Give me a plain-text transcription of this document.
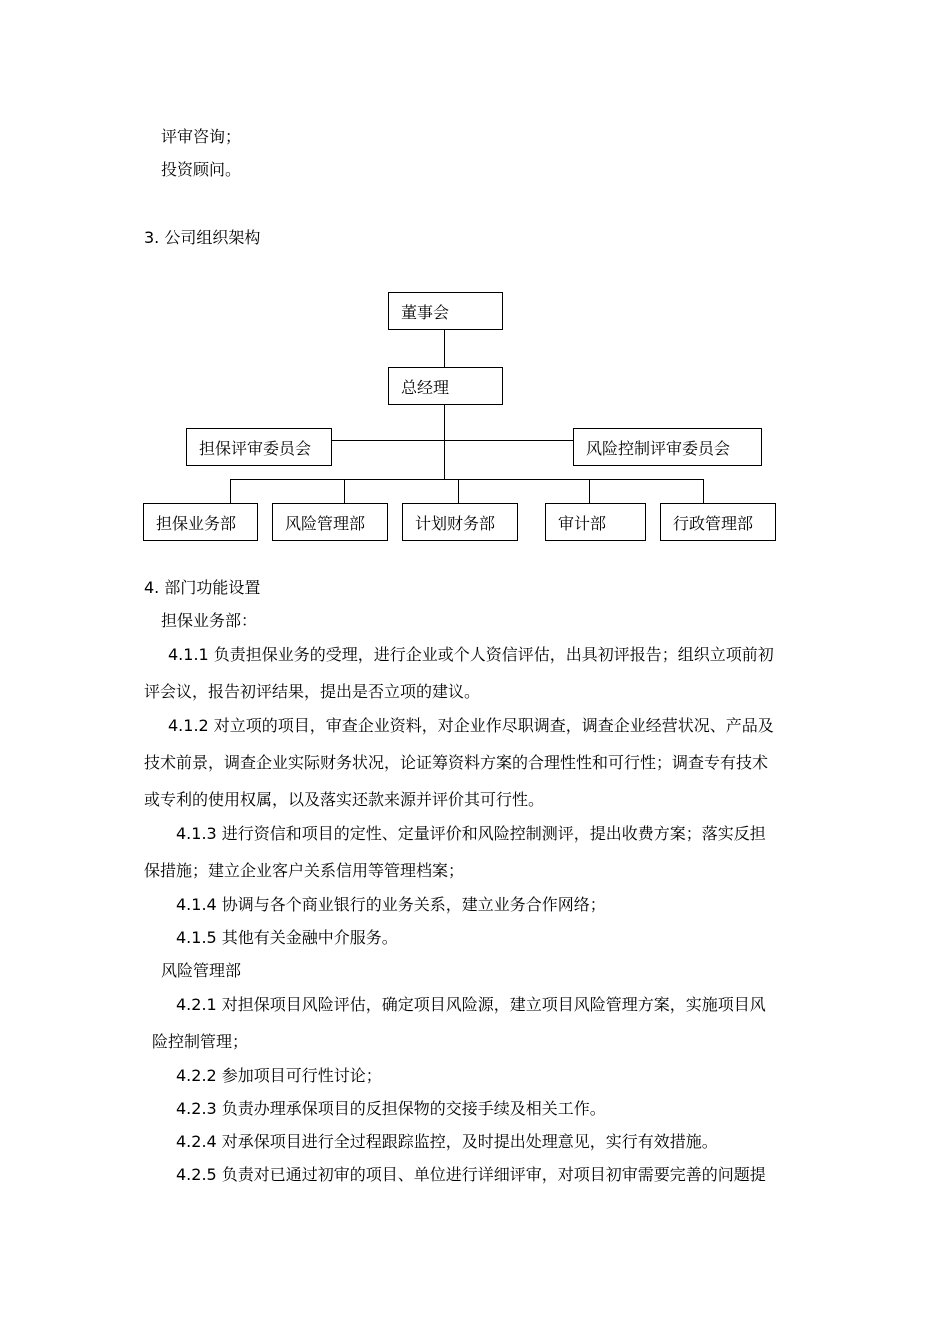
评审咨询；
投资顾问。
3. 公司组织架构
董事会
总经理
担保评审委员会	风险控制评审委员会
担保业务部	风险管理部	计划财务部	审计部	行政管理部
4. 部门功能设置
担保业务部：
4.1.1 负责担保业务的受理，进行企业或个人资信评估，出具初评报告；组织立项前初
评会议，报告初评结果，提出是否立项的建议。
4.1.2 对立项的项目，审查企业资料，对企业作尽职调查，调查企业经营状况、产品及
技术前景，调查企业实际财务状况，论证筹资料方案的合理性性和可行性；调查专有技术
或专利的使用权属，以及落实还款来源并评价其可行性。
4.1.3 进行资信和项目的定性、定量评价和风险控制测评，提出收费方案；落实反担
保措施；建立企业客户关系信用等管理档案；
4.1.4 协调与各个商业银行的业务关系，建立业务合作网络；
4.1.5 其他有关金融中介服务。
风险管理部
4.2.1 对担保项目风险评估，确定项目风险源，建立项目风险管理方案，实施项目风
险控制管理；
4.2.2 参加项目可行性讨论；
4.2.3 负责办理承保项目的反担保物的交接手续及相关工作。
4.2.4 对承保项目进行全过程跟踪监控，及时提出处理意见，实行有效措施。
4.2.5 负责对已通过初审的项目、单位进行详细评审，对项目初审需要完善的问题提
